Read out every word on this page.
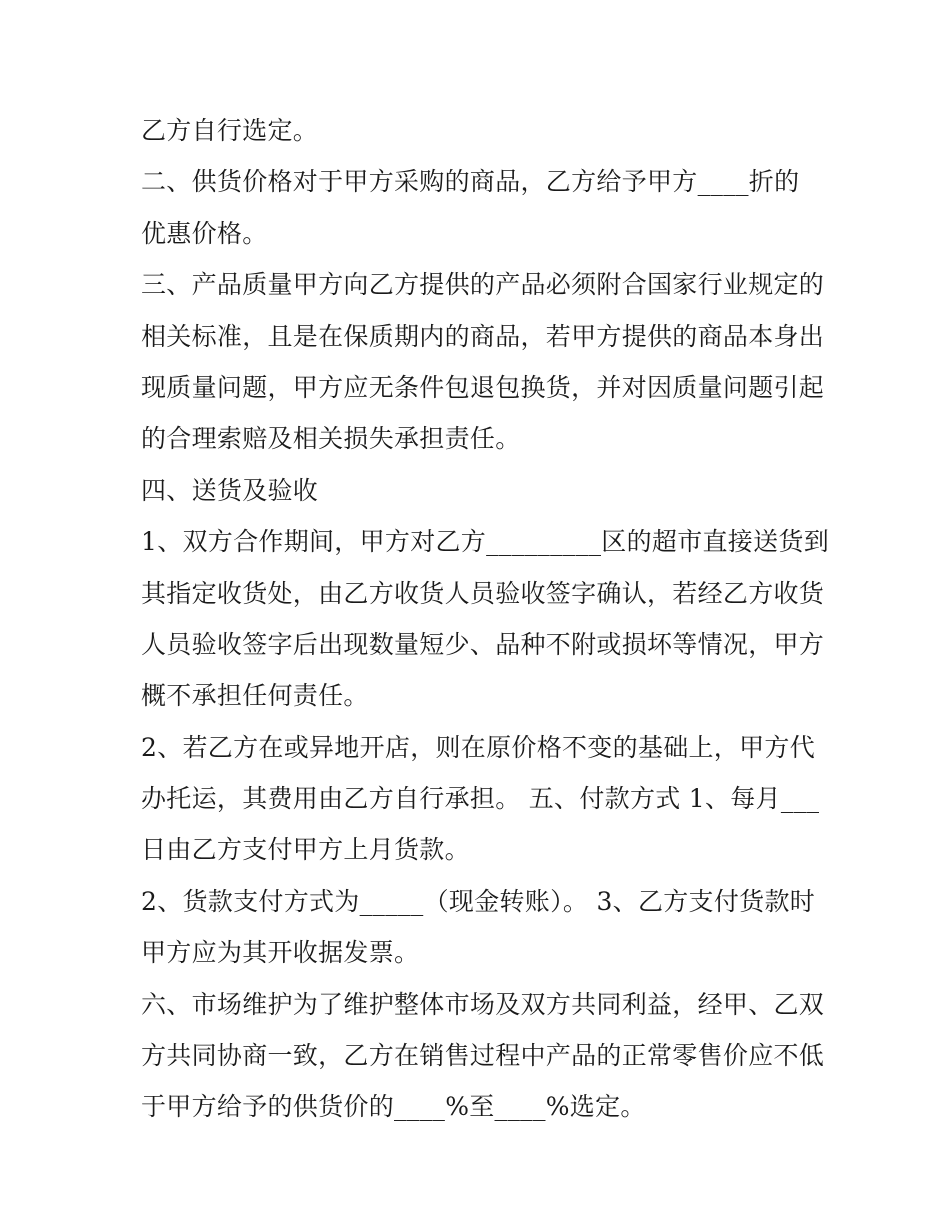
乙方自行选定。
二、供货价格对于甲方采购的商品，乙方给予甲方____折的
优惠价格。
三、产品质量甲方向乙方提供的产品必须附合国家行业规定的
相关标准，且是在保质期内的商品，若甲方提供的商品本身出
现质量问题，甲方应无条件包退包换货，并对因质量问题引起
的合理索赔及相关损失承担责任。
四、送货及验收
1、双方合作期间，甲方对乙方_________区的超市直接送货到
其指定收货处，由乙方收货人员验收签字确认，若经乙方收货
人员验收签字后出现数量短少、品种不附或损坏等情况，甲方
概不承担任何责任。
2、若乙方在或异地开店，则在原价格不变的基础上，甲方代
办托运，其费用由乙方自行承担。 五、付款方式 1、每月___
日由乙方支付甲方上月货款。
2、货款支付方式为_____（现金转账）。 3、乙方支付货款时
甲方应为其开收据发票。
六、市场维护为了维护整体市场及双方共同利益，经甲、乙双
方共同协商一致，乙方在销售过程中产品的正常零售价应不低
于甲方给予的供货价的____%至____%选定。
